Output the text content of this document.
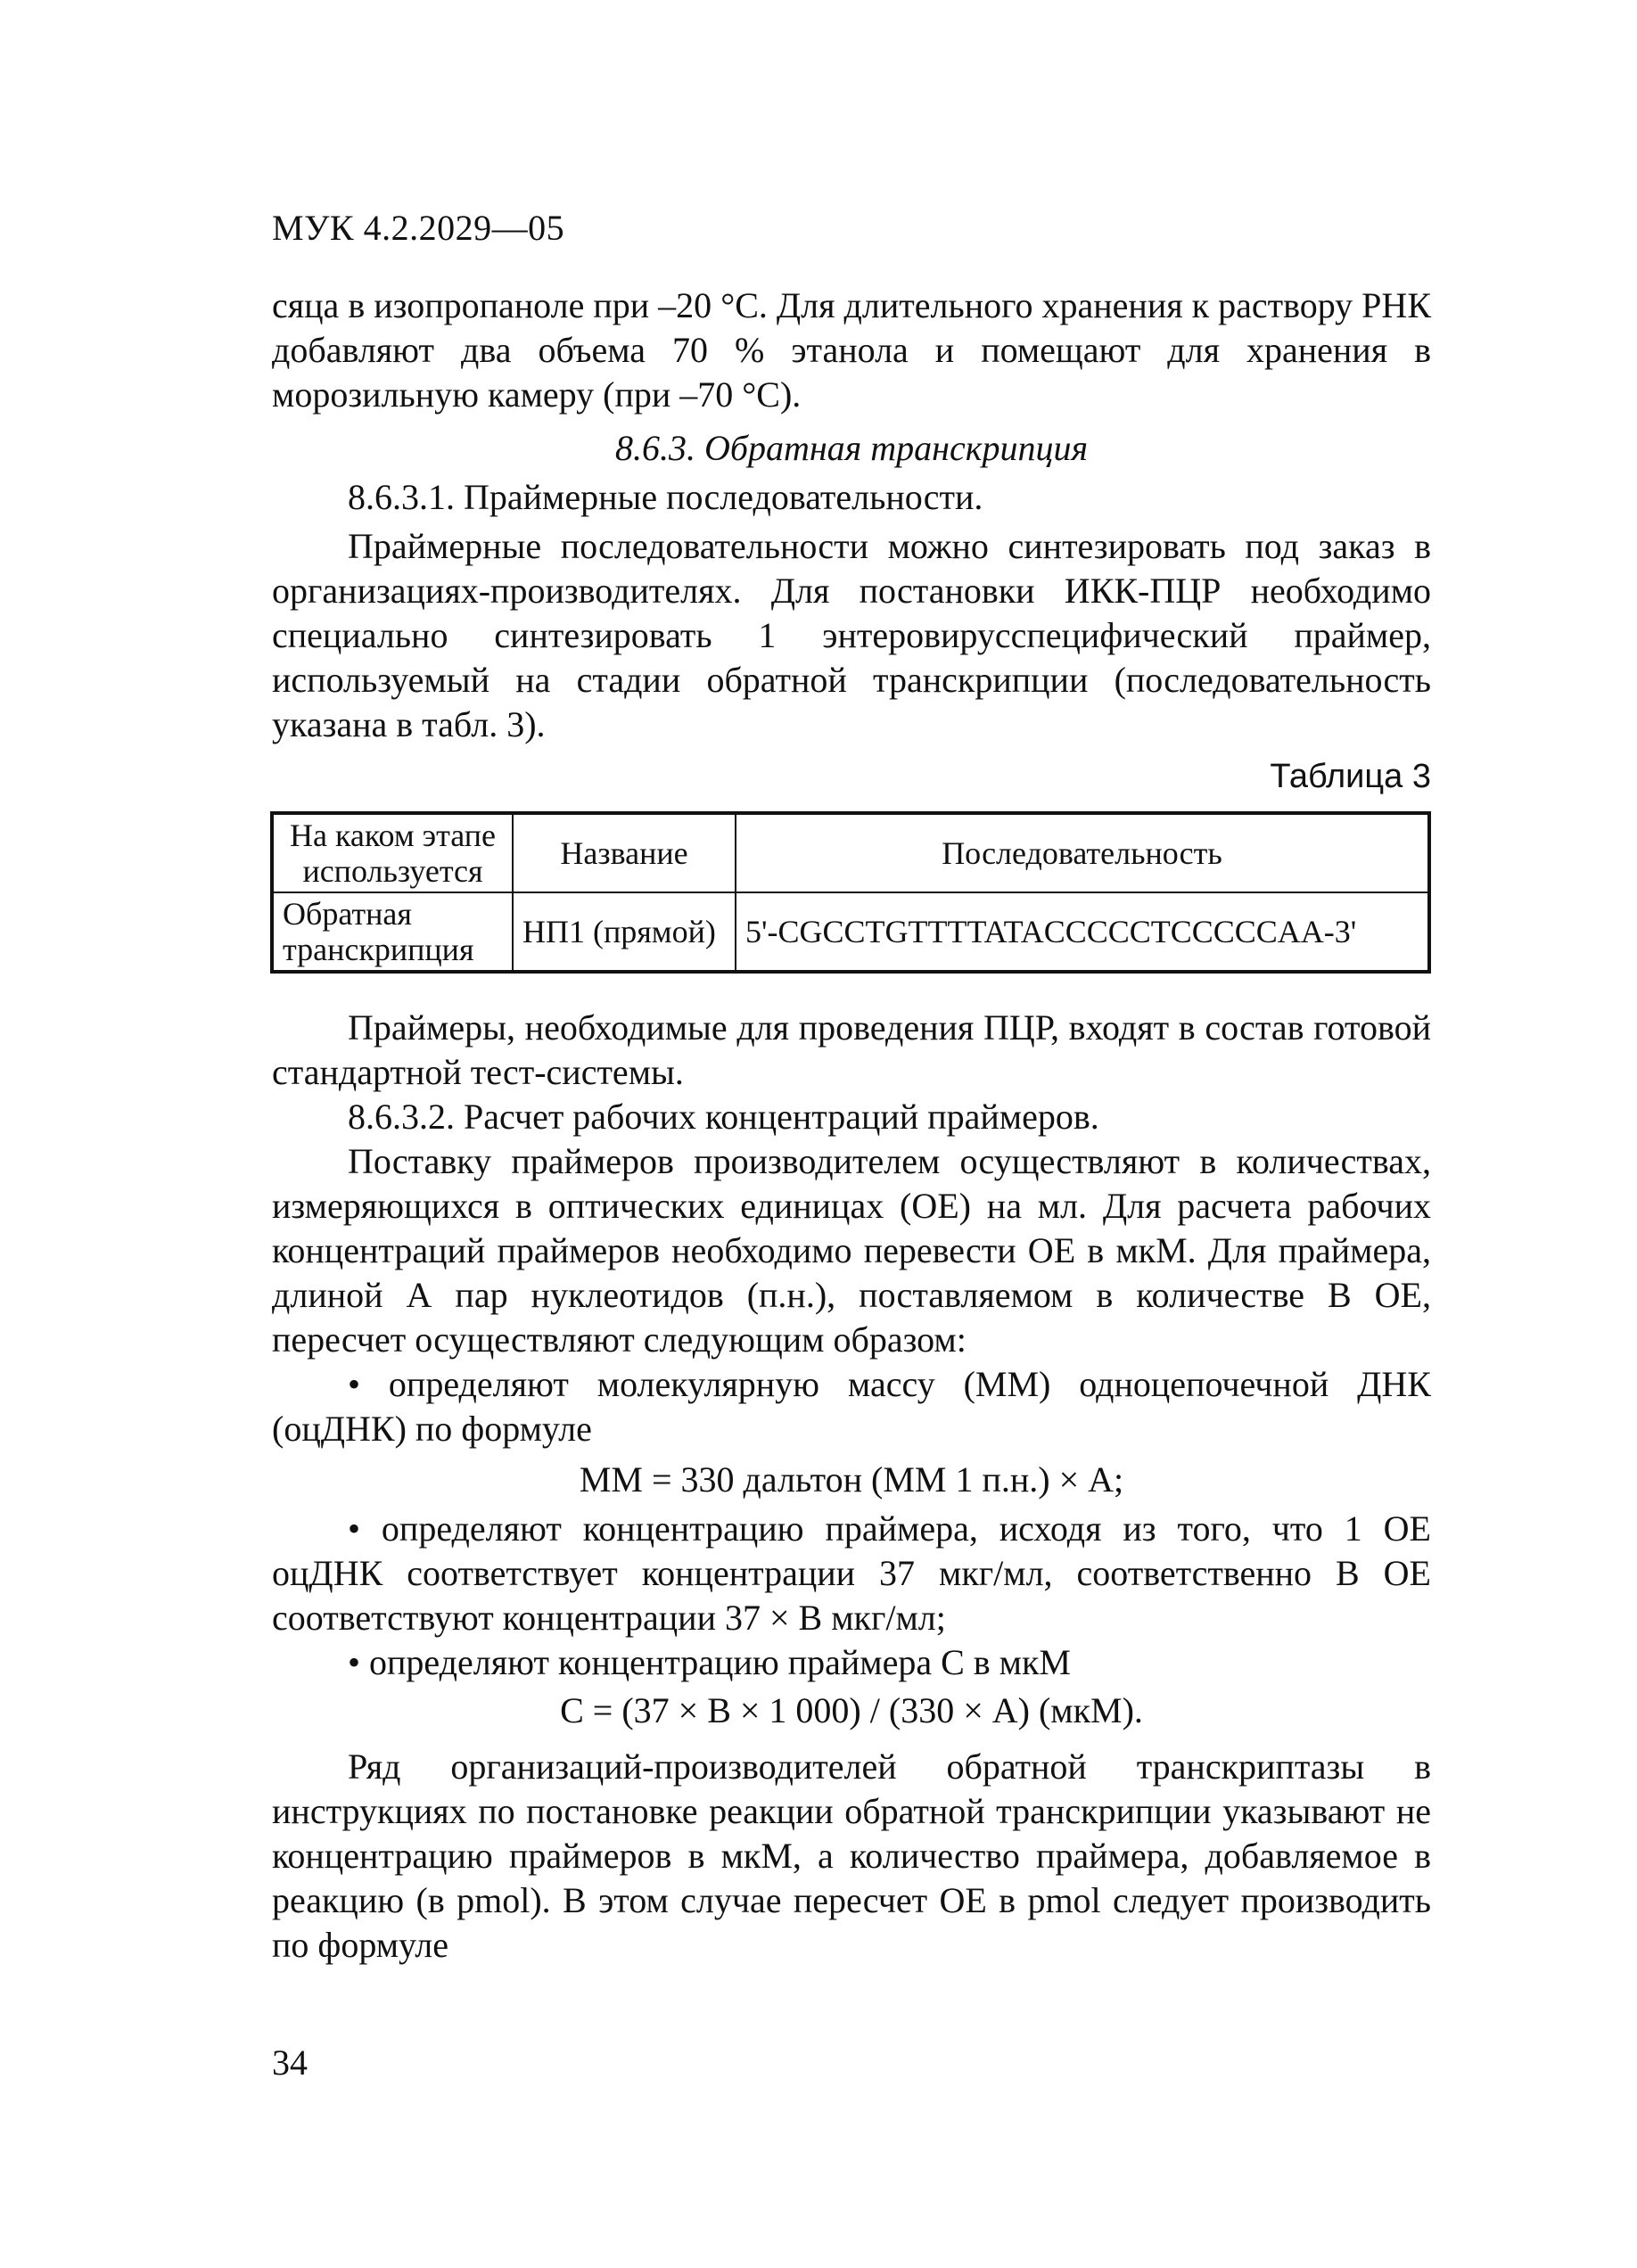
МУК 4.2.2029—05

сяца в изопропаноле при –20 °С. Для длительного хранения к раствору РНК добавляют два объема 70 % этанола и помещают для хранения в морозильную камеру (при –70 °С).

8.6.3. Обратная транскрипция

8.6.3.1. Праймерные последовательности.

Праймерные последовательности можно синтезировать под заказ в организациях-производителях. Для постановки ИКК-ПЦР необходимо специально синтезировать 1 энтеровирусспецифический праймер, используемый на стадии обратной транскрипции (последовательность указана в табл. 3).

Таблица 3
На каком этапе используется	Название	Последовательность
Обратная транскрипция	НП1 (прямой)	5'-CGCCTGTTTTATACCCCCTCCCCCAA-3'

Праймеры, необходимые для проведения ПЦР, входят в состав готовой стандартной тест-системы.

8.6.3.2. Расчет рабочих концентраций праймеров.

Поставку праймеров производителем осуществляют в количествах, измеряющихся в оптических единицах (ОЕ) на мл. Для расчета рабочих концентраций праймеров необходимо перевести ОЕ в мкМ. Для праймера, длиной А пар нуклеотидов (п.н.), поставляемом в количестве В ОЕ, пересчет осуществляют следующим образом:

• определяют молекулярную массу (ММ) одноцепочечной ДНК (оцДНК) по формуле

ММ = 330 дальтон (ММ 1 п.н.) × А;

• определяют концентрацию праймера, исходя из того, что 1 ОЕ оцДНК соответствует концентрации 37 мкг/мл, соответственно В ОЕ соответствуют концентрации 37 × В мкг/мл;

• определяют концентрацию праймера С в мкМ

С = (37 × В × 1 000) / (330 × А) (мкМ).

Ряд организаций-производителей обратной транскриптазы в инструкциях по постановке реакции обратной транскрипции указывают не концентрацию праймеров в мкМ, а количество праймера, добавляемое в реакцию (в pmol). В этом случае пересчет ОЕ в pmol следует производить по формуле

34
